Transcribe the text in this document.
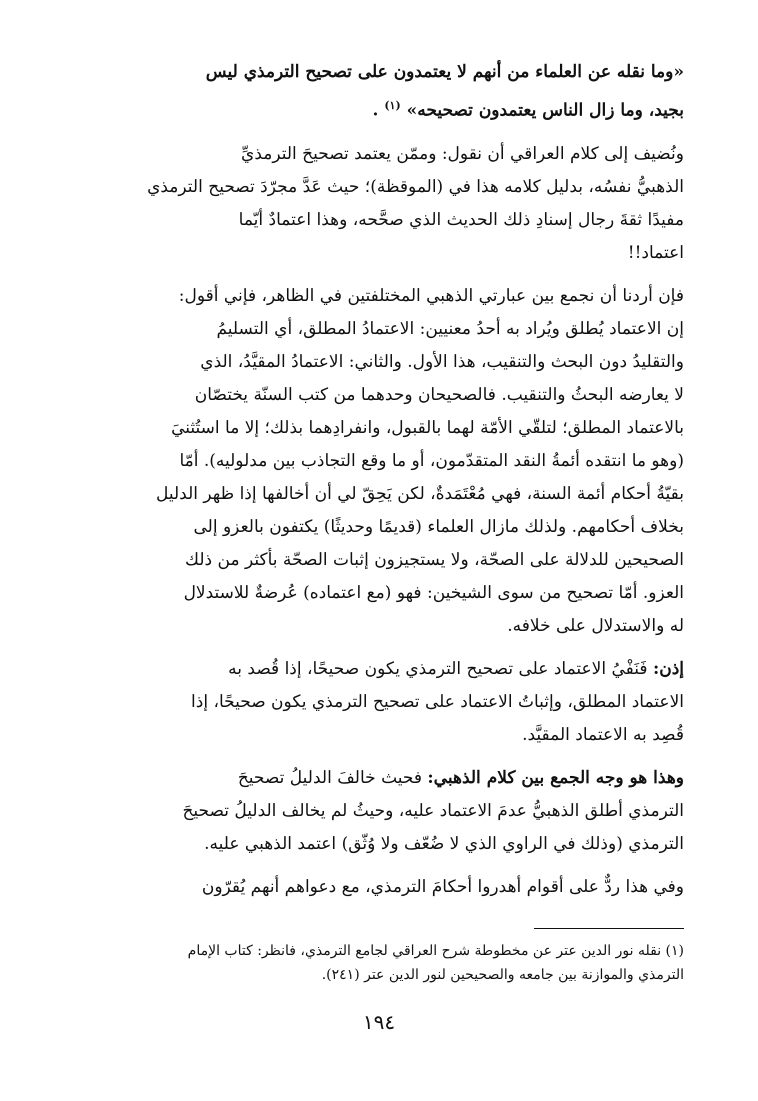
«وما نقله عن العلماء من أنهم لا يعتمدون على تصحيح الترمذي ليس
بجيد، وما زال الناس يعتمدون تصحيحه» $^{(١)}$ .

ونُضيف إلى كلام العراقي أن نقول: وممّن يعتمد تصحيحَ الترمذيِّ
الذهبيُّ نفسُه، بدليل كلامه هذا في (الموقظة)؛ حيث عَدَّ مجرّدَ تصحيح الترمذي
مفيدًا ثقةَ رجال إسنادِ ذلك الحديث الذي صحَّحه، وهذا اعتمادٌ أيّما
اعتماد!!

فإن أردنا أن نجمع بين عبارتي الذهبي المختلفتين في الظاهر، فإني أقول:
إن الاعتماد يُطلق ويُراد به أحدُ معنيين: الاعتمادُ المطلق، أي التسليمُ
والتقليدُ دون البحث والتنقيب، هذا الأول. والثاني: الاعتمادُ المقيَّدُ، الذي
لا يعارضه البحثُ والتنقيب. فالصحيحان وحدهما من كتب السنّة يختصّان
بالاعتماد المطلق؛ لتلقّي الأمّة لهما بالقبول، وانفرادِهما بذلك؛ إلا ما استُثنيَ
(وهو ما انتقده أئمةُ النقد المتقدّمون، أو ما وقع التجاذب بين مدلوليه). أمّا
بقيّةُ أحكام أئمة السنة، فهي مُعْتَمَدةٌ، لكن يَحِقّ لي أن أخالفها إذا ظهر الدليل
بخلاف أحكامهم. ولذلك مازال العلماء (قديمًا وحديثًا) يكتفون بالعزو إلى
الصحيحين للدلالة على الصحّة، ولا يستجيزون إثبات الصحّة بأكثر من ذلك
العزو. أمّا تصحيح من سوى الشيخين: فهو (مع اعتماده) عُرضةٌ للاستدلال
له والاستدلال على خلافه.

إذن: فَنَفْيُ الاعتماد على تصحيح الترمذي يكون صحيحًا، إذا قُصد به
الاعتماد المطلق، وإثباتُ الاعتماد على تصحيح الترمذي يكون صحيحًا، إذا
قُصِد به الاعتماد المقيَّد.

وهذا هو وجه الجمع بين كلام الذهبي: فحيث خالفَ الدليلُ تصحيحَ
الترمذي أطلق الذهبيُّ عدمَ الاعتماد عليه، وحيثُ لم يخالف الدليلُ تصحيحَ
الترمذي (وذلك في الراوي الذي لا ضُعّف ولا وُثّق) اعتمد الذهبي عليه.

وفي هذا ردٌّ على أقوام أهدروا أحكامَ الترمذي، مع دعواهم أنهم يُقرّون

(١) نقله نور الدين عتر عن مخطوطة شرح العراقي لجامع الترمذي، فانظر: كتاب الإمام
الترمذي والموازنة بين جامعه والصحيحين لنور الدين عتر (٢٤١).
١٩٤
